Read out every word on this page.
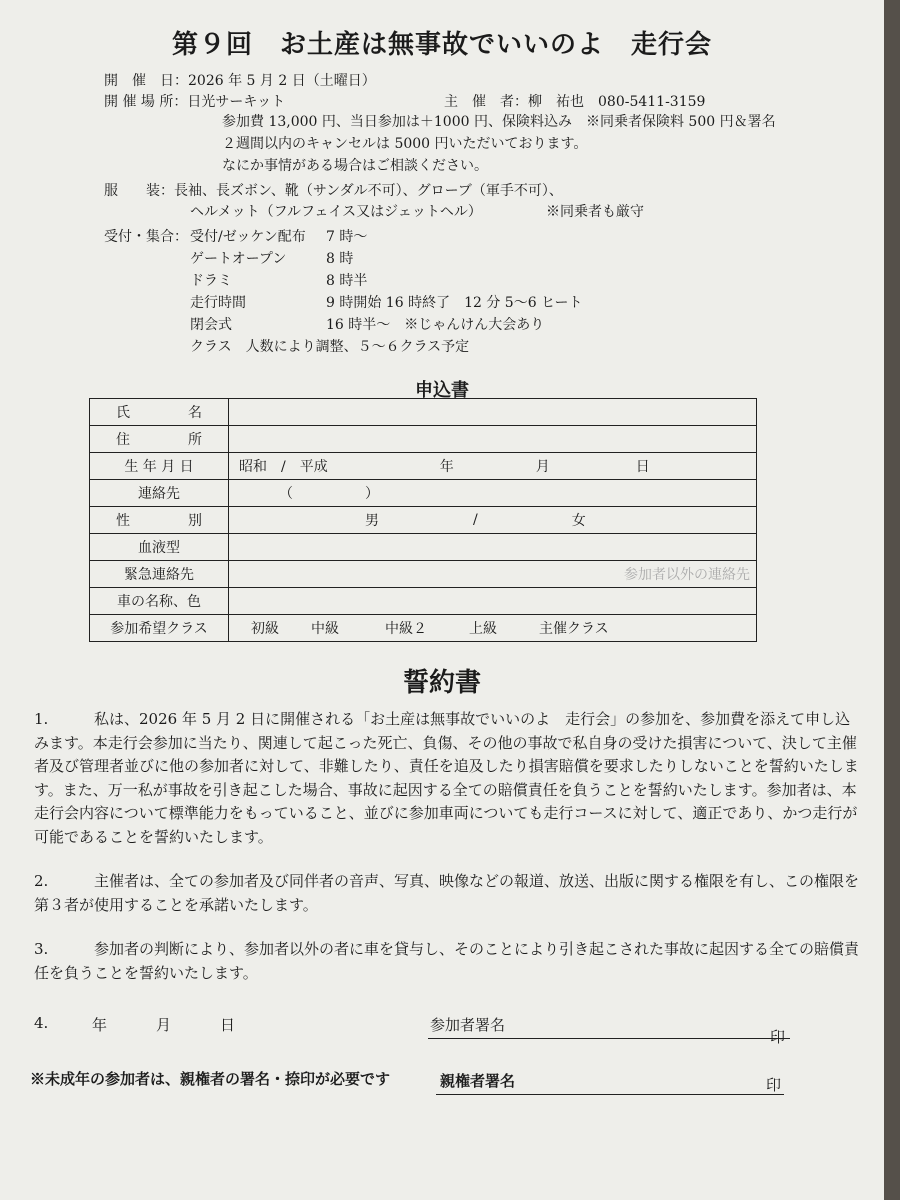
第９回　お土産は無事故でいいのよ　走行会
開　催　日：2026 年 5 月 2 日（土曜日）
開 催 場 所：日光サーキット	主　催　者：柳　祐也　080-5411-3159
参加費 13,000 円、当日参加は＋1000 円、保険料込み　※同乗者保険料 500 円＆署名
２週間以内のキャンセルは 5000 円いただいております。
なにか事情がある場合はご相談ください。
服　　装：長袖、長ズボン、靴（サンダル不可）、グローブ（軍手不可）、
ヘルメット（フルフェイス又はジェットヘル）	※同乗者も厳守
受付・集合： 受付/ゼッケン配布 7 時～
ゲートオープン	8 時
ドラミ	8 時半
走行時間	9 時開始 16 時終了　12 分 5～6 ヒート
閉会式	16 時半～　※じゃんけん大会あり
クラス　人数により調整、５～６クラス予定
申込書
氏 名	

住 所	

生 年 月 日	昭和　/　平成 年 月 日

連絡先	（ ）

性 別	男 / 女

血液型	
緊急連絡先	参加者以外の連絡先

車の名称、色	
参加希望クラス	初級 中級 中級２ 上級 主催クラス
誓約書
1.	私は、2026 年 5 月 2 日に開催される「お土産は無事故でいいのよ　走行会」の参加を、参加費を添えて申し込みます。本走行会参加に当たり、関連して起こった死亡、負傷、その他の事故で私自身の受けた損害について、決して主催者及び管理者並びに他の参加者に対して、非難したり、責任を追及したり損害賠償を要求したりしないことを誓約いたします。また、万一私が事故を引き起こした場合、事故に起因する全ての賠償責任を負うことを誓約いたします。参加者は、本走行会内容について標準能力をもっていること、並びに参加車両についても走行コースに対して、適正であり、かつ走行が可能であることを誓約いたします。

2.	主催者は、全ての参加者及び同伴者の音声、写真、映像などの報道、放送、出版に関する権限を有し、この権限を第３者が使用することを承諾いたします。

3.	参加者の判断により、参加者以外の者に車を貸与し、そのことにより引き起こされた事故に起因する全ての賠償責任を負うことを誓約いたします。

4.	年	月	日	参加者署名
印
※未成年の参加者は、親権者の署名・捺印が必要です	親権者署名	印
